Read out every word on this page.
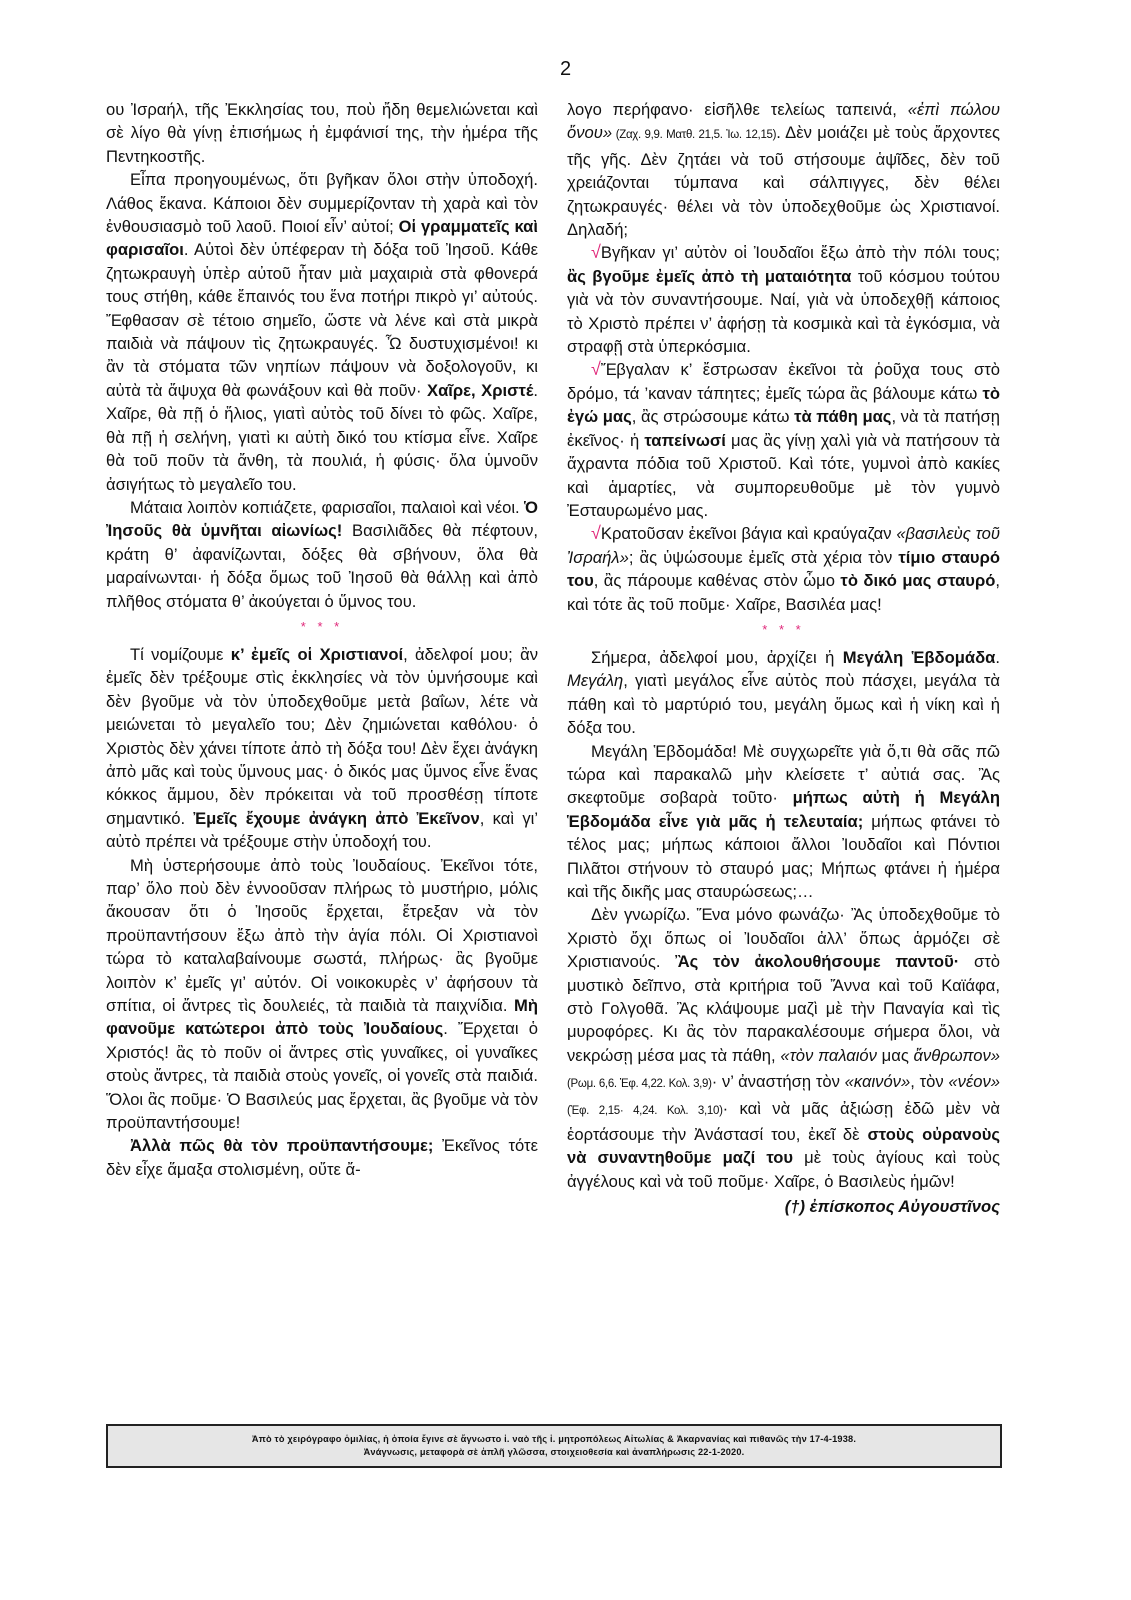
2

ου Ἰσραήλ, τῆς Ἐκκλησίας του, ποὺ ἤδη θεμελιώνεται καὶ σὲ λίγο θὰ γίνῃ ἐπισήμως ἡ ἐμφάνισί της, τὴν ἡμέρα τῆς Πεντηκοστῆς.

Εἶπα προηγουμένως, ὅτι βγῆκαν ὅλοι στὴν ὑποδοχή. Λάθος ἔκανα. Κάποιοι δὲν συμμερίζονταν τὴ χαρὰ καὶ τὸν ἐνθουσιασμὸ τοῦ λαοῦ. Ποιοί εἶν’ αὐτοί; Οἱ γραμματεῖς καὶ φαρισαῖοι. Αὐτοὶ δὲν ὑπέφεραν τὴ δόξα τοῦ Ἰησοῦ. Κάθε ζητωκραυγὴ ὑπὲρ αὐτοῦ ἦταν μιὰ μαχαιριὰ στὰ φθονερά τους στήθη, κάθε ἔπαινός του ἕνα ποτήρι πικρὸ γι’ αὐτούς. Ἔφθασαν σὲ τέτοιο σημεῖο, ὥστε νὰ λένε καὶ στὰ μικρὰ παιδιὰ νὰ πάψουν τὶς ζητωκραυγές. Ὦ δυστυχισμένοι! κι ἂν τὰ στόματα τῶν νηπίων πάψουν νὰ δοξολογοῦν, κι αὐτὰ τὰ ἄψυχα θὰ φωνάξουν καὶ θὰ ποῦν· Χαῖρε, Χριστέ. Χαῖρε, θὰ πῇ ὁ ἥλιος, γιατὶ αὐτὸς τοῦ δίνει τὸ φῶς. Χαῖρε, θὰ πῇ ἡ σελήνη, γιατὶ κι αὐτὴ δικό του κτίσμα εἶνε. Χαῖρε θὰ τοῦ ποῦν τὰ ἄνθη, τὰ πουλιά, ἡ φύσις· ὅλα ὑμνοῦν ἀσιγήτως τὸ μεγαλεῖο του.

Μάταια λοιπὸν κοπιάζετε, φαρισαῖοι, παλαιοὶ καὶ νέοι. Ὁ Ἰησοῦς θὰ ὑμνῆται αἰωνίως! Βασιλιᾶδες θὰ πέφτουν, κράτη θ’ ἀφανίζωνται, δόξες θὰ σβήνουν, ὅλα θὰ μαραίνωνται· ἡ δόξα ὅμως τοῦ Ἰησοῦ θὰ θάλλῃ καὶ ἀπὸ πλῆθος στόματα θ’ ἀκούγεται ὁ ὕμνος του.

* * *

Τί νομίζουμε κ’ ἐμεῖς οἱ Χριστιανοί, ἀδελφοί μου; ἂν ἐμεῖς δὲν τρέξουμε στὶς ἐκκλησίες νὰ τὸν ὑμνήσουμε καὶ δὲν βγοῦμε νὰ τὸν ὑποδεχθοῦμε μετὰ βαΐων, λέτε νὰ μειώνεται τὸ μεγαλεῖο του; Δὲν ζημιώνεται καθόλου· ὁ Χριστὸς δὲν χάνει τίποτε ἀπὸ τὴ δόξα του! Δὲν ἔχει ἀνάγκη ἀπὸ μᾶς καὶ τοὺς ὕμνους μας· ὁ δικός μας ὕμνος εἶνε ἕνας κόκκος ἄμμου, δὲν πρόκειται νὰ τοῦ προσθέσῃ τίποτε σημαντικό. Ἐμεῖς ἔχουμε ἀνάγκη ἀπὸ Ἐκεῖνον, καὶ γι’ αὐτὸ πρέπει νὰ τρέξουμε στὴν ὑποδοχή του.

Μὴ ὑστερήσουμε ἀπὸ τοὺς Ἰουδαίους. Ἐκεῖνοι τότε, παρ’ ὅλο ποὺ δὲν ἐννοοῦσαν πλήρως τὸ μυστήριο, μόλις ἄκουσαν ὅτι ὁ Ἰησοῦς ἔρχεται, ἔτρεξαν νὰ τὸν προϋπαντήσουν ἔξω ἀπὸ τὴν ἁγία πόλι. Οἱ Χριστιανοὶ τώρα τὸ καταλαβαίνουμε σωστά, πλήρως· ἂς βγοῦμε λοιπὸν κ’ ἐμεῖς γι’ αὐτόν. Οἱ νοικοκυρὲς ν’ ἀφήσουν τὰ σπίτια, οἱ ἄντρες τὶς δουλειές, τὰ παιδιὰ τὰ παιχνίδια. Μὴ φανοῦμε κατώτεροι ἀπὸ τοὺς Ἰουδαίους. Ἔρχεται ὁ Χριστός! ἂς τὸ ποῦν οἱ ἄντρες στὶς γυναῖκες, οἱ γυναῖκες στοὺς ἄντρες, τὰ παιδιὰ στοὺς γονεῖς, οἱ γονεῖς στὰ παιδιά. Ὅλοι ἂς ποῦμε· Ὁ Βασιλεύς μας ἔρχεται, ἂς βγοῦμε νὰ τὸν προϋπαντήσουμε!

Ἀλλὰ πῶς θὰ τὸν προϋπαντήσουμε; Ἐκεῖνος τότε δὲν εἶχε ἅμαξα στολισμένη, οὔτε ἄ-

λογο περήφανο· εἰσῆλθε τελείως ταπεινά, «ἐπὶ πώλου ὄνου» (Ζαχ. 9,9. Ματθ. 21,5. Ἰω. 12,15). Δὲν μοιάζει μὲ τοὺς ἄρχοντες τῆς γῆς. Δὲν ζητάει νὰ τοῦ στήσουμε ἁψῖδες, δὲν τοῦ χρειάζονται τύμπανα καὶ σάλπιγγες, δὲν θέλει ζητωκραυγές· θέλει νὰ τὸν ὑποδεχθοῦμε ὡς Χριστιανοί. Δηλαδή;

√Βγῆκαν γι’ αὐτὸν οἱ Ἰουδαῖοι ἔξω ἀπὸ τὴν πόλι τους; ἂς βγοῦμε ἐμεῖς ἀπὸ τὴ ματαιότητα τοῦ κόσμου τούτου γιὰ νὰ τὸν συναντήσουμε. Ναί, γιὰ νὰ ὑποδεχθῇ κάποιος τὸ Χριστὸ πρέπει ν’ ἀφήσῃ τὰ κοσμικὰ καὶ τὰ ἐγκόσμια, νὰ στραφῇ στὰ ὑπερκόσμια.

√Ἔβγαλαν κ’ ἔστρωσαν ἐκεῖνοι τὰ ῥοῦχα τους στὸ δρόμο, τά ’καναν τάπητες; ἐμεῖς τώρα ἂς βάλουμε κάτω τὸ ἐγώ μας, ἂς στρώσουμε κάτω τὰ πάθη μας, νὰ τὰ πατήσῃ ἐκεῖνος· ἡ ταπείνωσί μας ἂς γίνῃ χαλὶ γιὰ νὰ πατήσουν τὰ ἄχραντα πόδια τοῦ Χριστοῦ. Καὶ τότε, γυμνοὶ ἀπὸ κακίες καὶ ἁμαρτίες, νὰ συμπορευθοῦμε μὲ τὸν γυμνὸ Ἐσταυρωμένο μας.

√Κρατοῦσαν ἐκεῖνοι βάγια καὶ κραύγαζαν «βασιλεὺς τοῦ Ἰσραήλ»; ἂς ὑψώσουμε ἐμεῖς στὰ χέρια τὸν τίμιο σταυρό του, ἂς πάρουμε καθένας στὸν ὦμο τὸ δικό μας σταυρό, καὶ τότε ἂς τοῦ ποῦμε· Χαῖρε, Βασιλέα μας!

* * *

Σήμερα, ἀδελφοί μου, ἀρχίζει ἡ Μεγάλη Ἑβδομάδα. Μεγάλη, γιατὶ μεγάλος εἶνε αὐτὸς ποὺ πάσχει, μεγάλα τὰ πάθη καὶ τὸ μαρτύριό του, μεγάλη ὅμως καὶ ἡ νίκη καὶ ἡ δόξα του.

Μεγάλη Ἑβδομάδα! Μὲ συγχωρεῖτε γιὰ ὅ,τι θὰ σᾶς πῶ τώρα καὶ παρακαλῶ μὴν κλείσετε τ’ αὐτιά σας. Ἂς σκεφτοῦμε σοβαρὰ τοῦτο· μήπως αὐτὴ ἡ Μεγάλη Ἑβδομάδα εἶνε γιὰ μᾶς ἡ τελευταία; μήπως φτάνει τὸ τέλος μας; μήπως κάποιοι ἄλλοι Ἰουδαῖοι καὶ Πόντιοι Πιλᾶτοι στήνουν τὸ σταυρό μας; Μήπως φτάνει ἡ ἡμέρα καὶ τῆς δικῆς μας σταυρώσεως;…

Δὲν γνωρίζω. Ἕνα μόνο φωνάζω· Ἂς ὑποδεχθοῦμε τὸ Χριστὸ ὄχι ὅπως οἱ Ἰουδαῖοι ἀλλ’ ὅπως ἁρμόζει σὲ Χριστιανούς. Ἂς τὸν ἀκολουθήσουμε παντοῦ· στὸ μυστικὸ δεῖπνο, στὰ κριτήρια τοῦ Ἄννα καὶ τοῦ Καϊάφα, στὸ Γολγοθᾶ. Ἂς κλάψουμε μαζὶ μὲ τὴν Παναγία καὶ τὶς μυροφόρες. Κι ἂς τὸν παρακαλέσουμε σήμερα ὅλοι, νὰ νεκρώσῃ μέσα μας τὰ πάθη, «τὸν παλαιόν μας ἄνθρωπον» (Ρωμ. 6,6. Ἐφ. 4,22. Κολ. 3,9)· ν’ ἀναστήσῃ τὸν «καινόν», τὸν «νέον» (Ἐφ. 2,15· 4,24. Κολ. 3,10)· καὶ νὰ μᾶς ἀξιώσῃ ἐδῶ μὲν νὰ ἑορτάσουμε τὴν Ἀνάστασί του, ἐκεῖ δὲ στοὺς οὐρανοὺς νὰ συναντηθοῦμε μαζί του μὲ τοὺς ἁγίους καὶ τοὺς ἀγγέλους καὶ νὰ τοῦ ποῦμε· Χαῖρε, ὁ Βασιλεὺς ἡμῶν!

(†) ἐπίσκοπος Αὐγουστῖνος
Ἀπὸ τὸ χειρόγραφο ὁμιλίας, ἡ ὁποία ἔγινε σὲ ἄγνωστο ἱ. ναὸ τῆς ἱ. μητροπόλεως Αἰτωλίας & Ἀκαρνανίας καὶ πιθανῶς τὴν 17-4-1938.
Ἀνάγνωσις, μεταφορὰ σὲ ἁπλῆ γλῶσσα, στοιχειοθεσία καὶ ἀναπλήρωσις 22-1-2020.
